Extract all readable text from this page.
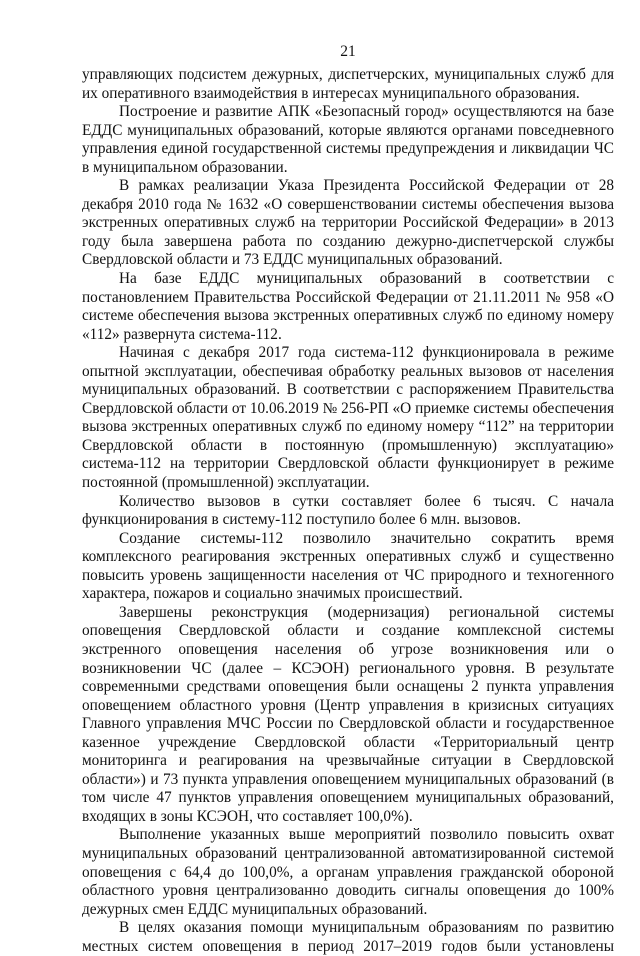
21

управляющих подсистем дежурных, диспетчерских, муниципальных служб для их оперативного взаимодействия в интересах муниципального образования.

Построение и развитие АПК «Безопасный город» осуществляются на базе ЕДДС муниципальных образований, которые являются органами повседневного управления единой государственной системы предупреждения и ликвидации ЧС в муниципальном образовании.

В рамках реализации Указа Президента Российской Федерации от 28 декабря 2010 года № 1632 «О совершенствовании системы обеспечения вызова экстренных оперативных служб на территории Российской Федерации» в 2013 году была завершена работа по созданию дежурно-диспетчерской службы Свердловской области и 73 ЕДДС муниципальных образований.

На базе ЕДДС муниципальных образований в соответствии с постановлением Правительства Российской Федерации от 21.11.2011 № 958 «О системе обеспечения вызова экстренных оперативных служб по единому номеру «112» развернута система-112.

Начиная с декабря 2017 года система-112 функционировала в режиме опытной эксплуатации, обеспечивая обработку реальных вызовов от населения муниципальных образований. В соответствии с распоряжением Правительства Свердловской области от 10.06.2019 № 256-РП «О приемке системы обеспечения вызова экстренных оперативных служб по единому номеру “112” на территории Свердловской области в постоянную (промышленную) эксплуатацию» система-112 на территории Свердловской области функционирует в режиме постоянной (промышленной) эксплуатации.

Количество вызовов в сутки составляет более 6 тысяч. С начала функционирования в систему-112 поступило более 6 млн. вызовов.

Создание системы-112 позволило значительно сократить время комплексного реагирования экстренных оперативных служб и существенно повысить уровень защищенности населения от ЧС природного и техногенного характера, пожаров и социально значимых происшествий.

Завершены реконструкция (модернизация) региональной системы оповещения Свердловской области и создание комплексной системы экстренного оповещения населения об угрозе возникновения или о возникновении ЧС (далее – КСЭОН) регионального уровня. В результате современными средствами оповещения были оснащены 2 пункта управления оповещением областного уровня (Центр управления в кризисных ситуациях Главного управления МЧС России по Свердловской области и государственное казенное учреждение Свердловской области «Территориальный центр мониторинга и реагирования на чрезвычайные ситуации в Свердловской области») и 73 пункта управления оповещением муниципальных образований (в том числе 47 пунктов управления оповещением муниципальных образований, входящих в зоны КСЭОН, что составляет 100,0%).

Выполнение указанных выше мероприятий позволило повысить охват муниципальных образований централизованной автоматизированной системой оповещения с 64,4 до 100,0%, а органам управления гражданской обороной областного уровня централизованно доводить сигналы оповещения до 100% дежурных смен ЕДДС муниципальных образований.

В целях оказания помощи муниципальным образованиям по развитию местных систем оповещения в период 2017–2019 годов были установлены
